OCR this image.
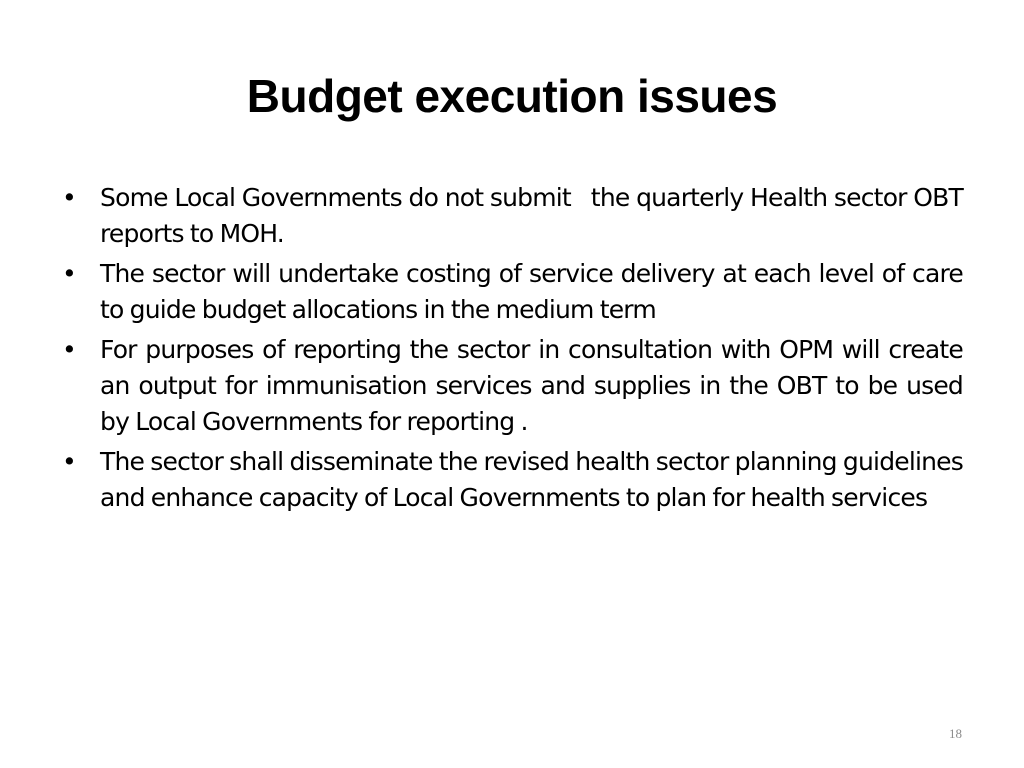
Budget execution issues
• Some Local Governments do not submit   the quarterly Health sector OBT reports to MOH.
• The sector will undertake costing of service delivery at each level of care to guide budget allocations in the medium term
• For purposes of reporting the sector in consultation with OPM will create an output for immunisation services and supplies in the OBT to be used by Local Governments for reporting .
• The sector shall disseminate the revised health sector planning guidelines and enhance capacity of Local Governments to plan for health services
18
